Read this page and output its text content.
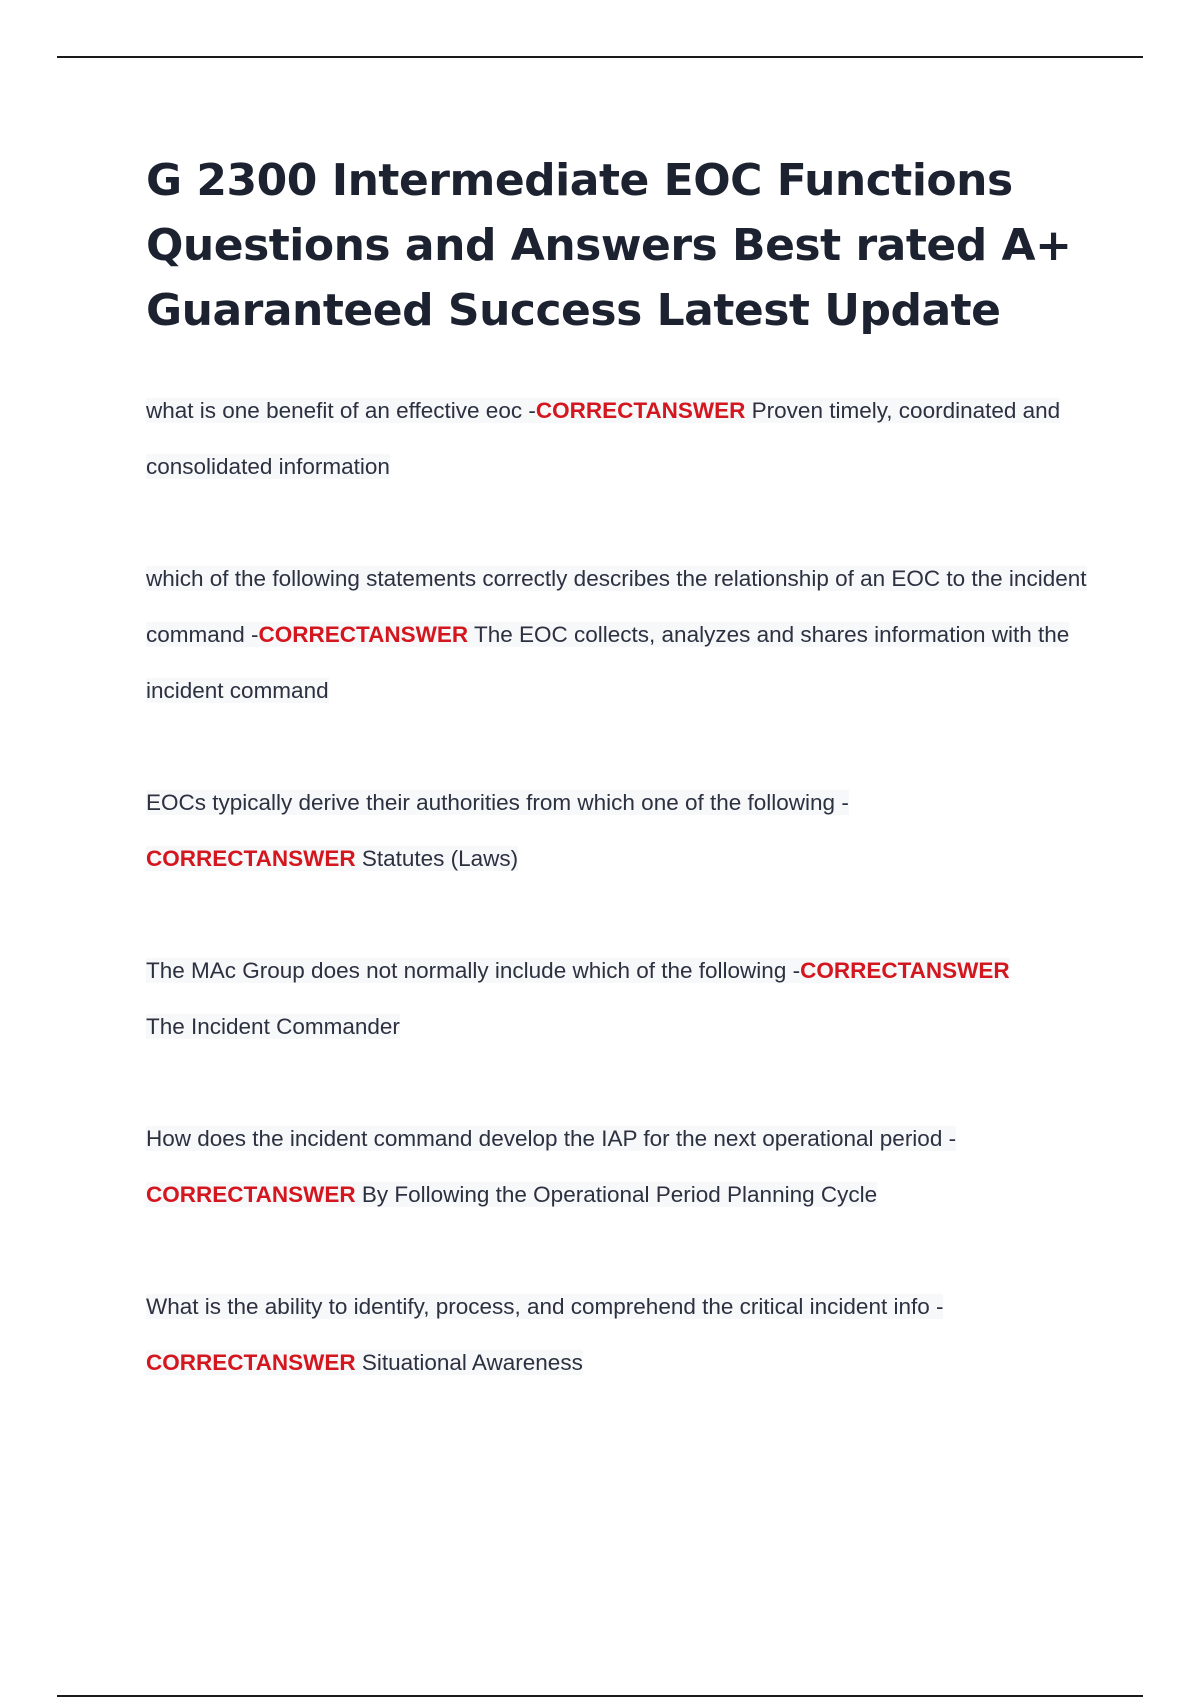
G 2300 Intermediate EOC Functions Questions and Answers Best rated A+ Guaranteed Success Latest Update

what is one benefit of an effective eoc -CORRECTANSWER Proven timely, coordinated and consolidated information

which of the following statements correctly describes the relationship of an EOC to the incident command -CORRECTANSWER The EOC collects, analyzes and shares information with the incident command

EOCs typically derive their authorities from which one of the following -
CORRECTANSWER Statutes (Laws)

The MAc Group does not normally include which of the following -CORRECTANSWER
The Incident Commander

How does the incident command develop the IAP for the next operational period -
CORRECTANSWER By Following the Operational Period Planning Cycle

What is the ability to identify, process, and comprehend the critical incident info -
CORRECTANSWER Situational Awareness
